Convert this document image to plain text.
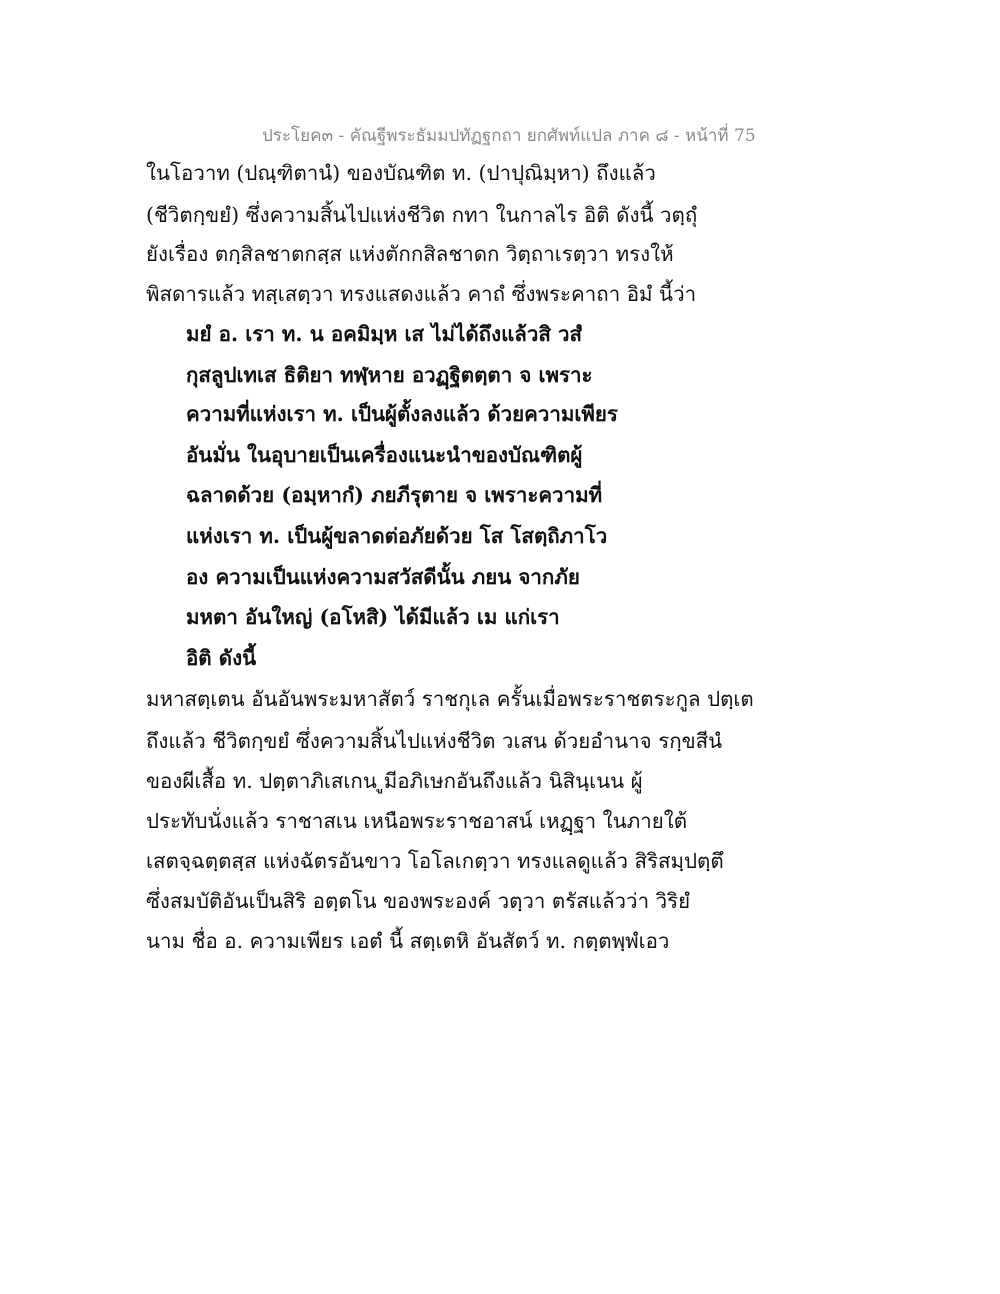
ประโยค๓ - คัณฐีพระธัมมปทัฏฐกถา ยกศัพท์แปล ภาค ๘ - หน้าที่ 75
ในโอวาท (ปณฺฑิตานํ) ของบัณฑิต ท. (ปาปุณิมฺหา) ถึงแล้ว
(ชีวิตกฺขยํ) ซึ่งความสิ้นไปแห่งชีวิต กทา ในกาลไร อิติ ดังนี้ วตฺถุํ
ยังเรื่อง ตกฺสิลชาตกสฺส แห่งตักกสิลชาดก วิตฺถาเรตฺวา ทรงให้
พิสดารแล้ว ทสฺเสตฺวา ทรงแสดงแล้ว คาถํ ซึ่งพระคาถา อิมํ นี้ว่า
มยํ อ. เรา ท. น อคมิมฺห เส ไม่ได้ถึงแล้วสิ วสํ
กุสลูปเทเส ธิติยา ทฬฺหาย อวฏฺฐิตตฺตา จ เพราะ
ความที่แห่งเรา ท. เป็นผู้ตั้งลงแล้ว ด้วยความเพียร
อันมั่น ในอุบายเป็นเครื่องแนะนำของบัณฑิตผู้
ฉลาดด้วย (อมฺหากํ) ภยภีรุตาย จ เพราะความที่
แห่งเรา ท. เป็นผู้ขลาดต่อภัยด้วย โส โสตฺถิภาโว
อง ความเป็นแห่งความสวัสดีนั้น ภยน จากภัย
มหตา อันใหญ่ (อโหสิ) ได้มีแล้ว เม แก่เรา
อิติ ดังนี้
มหาสตฺเตน อันอันพระมหาสัตว์ ราชกุเล ครั้นเมื่อพระราชตระกูล ปตฺเต
ถึงแล้ว ชีวิตกฺขยํ ซึ่งความสิ้นไปแห่งชีวิต วเสน ด้วยอำนาจ รกฺขสีนํ
ของผีเสื้อ ท. ปตฺตาภิเสเกน ูมีอภิเษกอันถึงแล้ว นิสินฺเนน ผู้
ประทับนั่งแล้ว ราชาสเน เหนือพระราชอาสน์ เหฏฺฐา ในภายใต้
เสตจฺฉตฺตสฺส แห่งฉัตรอันขาว โอโลเกตฺวา ทรงแลดูแล้ว สิริสมฺปตฺตึ
ซึ่งสมบัติอันเป็นสิริ อตฺตโน ของพระองค์ วตฺวา ตรัสแล้วว่า วิริยํ
นาม ชื่อ อ. ความเพียร เอตํ นี้ สตฺเตหิ อันสัตว์ ท. กตฺตพฺพํเอว
